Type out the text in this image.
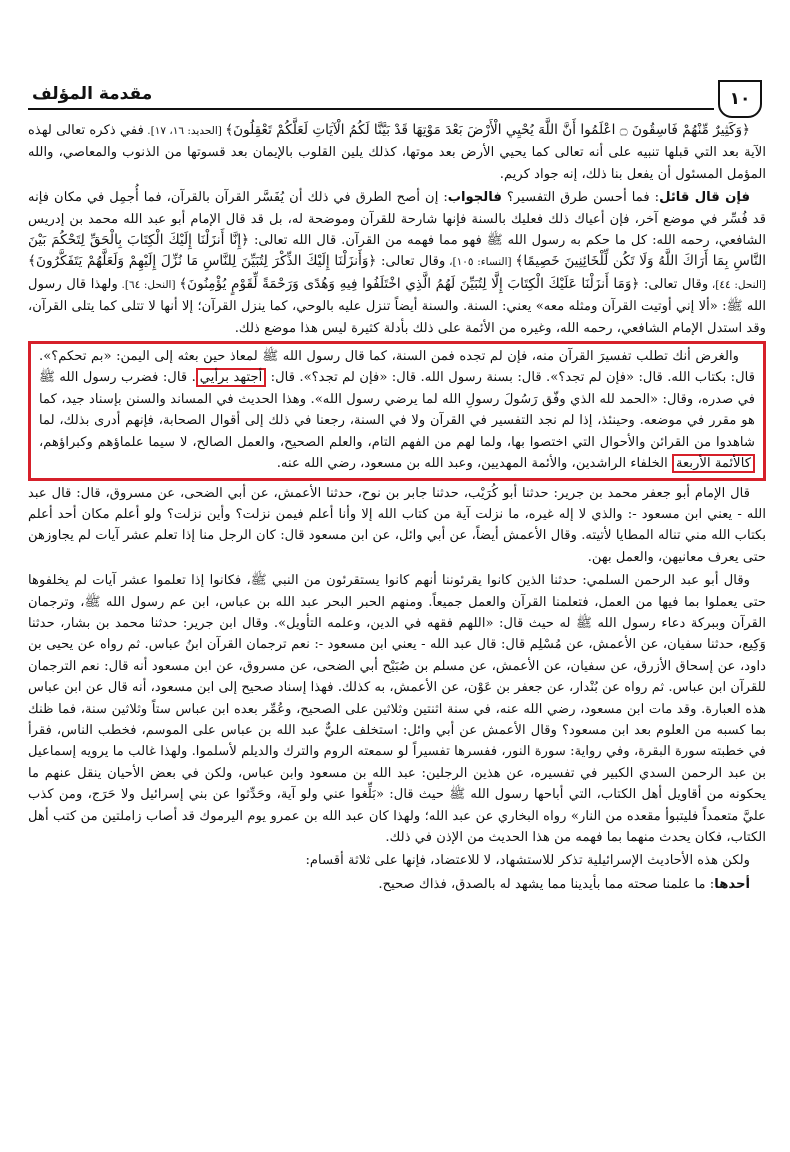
مقدمة المؤلف	١٠

﴿وَكَثِيرٌ مِّنْهُمْ فَاسِقُونَ ۝ اعْلَمُوا أَنَّ اللَّهَ يُحْيِي الْأَرْضَ بَعْدَ مَوْتِهَا قَدْ بَيَّنَّا لَكُمُ الْآيَاتِ لَعَلَّكُمْ تَعْقِلُونَ﴾ [الحديد: ١٦، ١٧]. ففي ذكره تعالى لهذه الآية بعد التي قبلها تنبيه على أنه تعالى كما يحيي الأرض بعد موتها، كذلك يلين القلوب بالإيمان بعد قسوتها من الذنوب والمعاصي، والله المؤمل المسئول أن يفعل بنا ذلك، إنه جواد كريم.

فإن قال قائل: فما أحسن طرق التفسير؟ فالجواب: إن أصح الطرق في ذلك أن يُفَسَّر القرآن بالقرآن، فما أُجمِل في مكان فإنه قد فُسِّر في موضع آخر، فإن أعياك ذلك فعليك بالسنة فإنها شارحة للقرآن وموضحة له، بل قد قال الإمام أبو عبد الله محمد بن إدريس الشافعي، رحمه الله: كل ما حكم به رسول الله ﷺ فهو مما فهمه من القرآن. قال الله تعالى: ﴿إِنَّا أَنزَلْنَا إِلَيْكَ الْكِتَابَ بِالْحَقِّ لِتَحْكُمَ بَيْنَ النَّاسِ بِمَا أَرَاكَ اللَّهُ وَلَا تَكُن لِّلْخَائِنِينَ خَصِيمًا﴾ [النساء: ١٠٥]، وقال تعالى: ﴿وَأَنزَلْنَا إِلَيْكَ الذِّكْرَ لِتُبَيِّنَ لِلنَّاسِ مَا نُزِّلَ إِلَيْهِمْ وَلَعَلَّهُمْ يَتَفَكَّرُونَ﴾ [النحل: ٤٤]، وقال تعالى: ﴿وَمَا أَنزَلْنَا عَلَيْكَ الْكِتَابَ إِلَّا لِتُبَيِّنَ لَهُمُ الَّذِي اخْتَلَفُوا فِيهِ وَهُدًى وَرَحْمَةً لِّقَوْمٍ يُؤْمِنُونَ﴾ [النحل: ٦٤]. ولهذا قال رسول الله ﷺ: «ألا إني أوتيت القرآن ومثله معه» يعني: السنة. والسنة أيضاً تنزل عليه بالوحي، كما ينزل القرآن؛ إلا أنها لا تتلى كما يتلى القرآن، وقد استدل الإمام الشافعي، رحمه الله، وغيره من الأئمة على ذلك بأدلة كثيرة ليس هذا موضع ذلك.

والغرض أنك تطلب تفسيرَ القرآن منه، فإن لم تجده فمن السنة، كما قال رسول الله ﷺ لمعاذ حين بعثه إلى اليمن: «بم تحكم؟». قال: بكتاب الله. قال: «فإن لم تجد؟». قال: بسنة رسول الله. قال: «فإن لم تجد؟». قال: أجتهد برأيي. قال: فضرب رسول الله ﷺ في صدره، وقال: «الحمد لله الذي وفّق رَسُولَ رسولِ الله لما يرضي رسول الله». وهذا الحديث في المساند والسنن بإسناد جيد، كما هو مقرر في موضعه. وحينئذ، إذا لم نجد التفسير في القرآن ولا في السنة، رجعنا في ذلك إلى أقوال الصحابة، فإنهم أدرى بذلك، لما شاهدوا من القرائن والأحوال التي اختصوا بها، ولما لهم من الفهم التام، والعلم الصحيح، والعمل الصالح، لا سيما علماؤهم وكبراؤهم، كالأئمة الأربعة الخلفاء الراشدين، والأئمة المهديين، وعبد الله بن مسعود، رضي الله عنه.

قال الإمام أبو جعفر محمد بن جرير: حدثنا أبو كُرَيْب، حدثنا جابر بن نوح، حدثنا الأعمش، عن أبي الضحى، عن مسروق، قال: قال عبد الله - يعني ابن مسعود -: والذي لا إله غيره، ما نزلت آية من كتاب الله إلا وأنا أعلم فيمن نزلت؟ وأين نزلت؟ ولو أعلم مكان أحد أعلم بكتاب الله مني تناله المطايا لأتيته. وقال الأعمش أيضاً، عن أبي وائل، عن ابن مسعود قال: كان الرجل منا إذا تعلم عشر آيات لم يجاوزهن حتى يعرف معانيهن، والعمل بهن.

وقال أبو عبد الرحمن السلمي: حدثنا الذين كانوا يقرئوننا أنهم كانوا يستقرئون من النبي ﷺ، فكانوا إذا تعلموا عشر آيات لم يخلفوها حتى يعملوا بما فيها من العمل، فتعلمنا القرآن والعمل جميعاً. ومنهم الحبر البحر عبد الله بن عباس، ابن عم رسول الله ﷺ، وترجمان القرآن وببركة دعاء رسول الله ﷺ له حيث قال: «اللهم فقهه في الدين، وعلمه التأويل». وقال ابن جرير: حدثنا محمد بن بشار، حدثنا وَكِيع، حدثنا سفيان، عن الأعمش، عن مُسْلِم قال: قال عبد الله - يعني ابن مسعود -: نعم ترجمان القرآن ابنُ عباس. ثم رواه عن يحيى بن داود، عن إسحاق الأزرق، عن سفيان، عن الأعمش، عن مسلم بن صُبَيْح أبي الضحى، عن مسروق، عن ابن مسعود أنه قال: نعم الترجمان للقرآن ابن عباس. ثم رواه عن بُنْدار، عن جعفر بن عَوْن، عن الأعمش، به كذلك. فهذا إسناد صحيح إلى ابن مسعود، أنه قال عن ابن عباس هذه العبارة. وقد مات ابن مسعود، رضي الله عنه، في سنة اثنتين وثلاثين على الصحيح، وعُمِّر بعده ابن عباس ستاً وثلاثين سنة، فما ظنك بما كسبه من العلوم بعد ابن مسعود؟ وقال الأعمش عن أبي وائل: استخلف عليٌّ عبد الله بن عباس على الموسم، فخطب الناس، فقرأ في خطبته سورة البقرة، وفي رواية: سورة النور، ففسرها تفسيراً لو سمعته الروم والترك والديلم لأسلموا. ولهذا غالب ما يرويه إسماعيل بن عبد الرحمن السدي الكبير في تفسيره، عن هذين الرجلين: عبد الله بن مسعود وابن عباس، ولكن في بعض الأحيان ينقل عنهم ما يحكونه من أقاويل أهل الكتاب، التي أباحها رسول الله ﷺ حيث قال: «بَلِّغوا عني ولو آية، وحَدِّثوا عن بني إسرائيل ولا حَرَج، ومن كذب عليَّ متعمداً فليتبوأ مقعده من النار» رواه البخاري عن عبد الله؛ ولهذا كان عبد الله بن عمرو يوم اليرموك قد أصاب زاملتين من كتب أهل الكتاب، فكان يحدث منهما بما فهمه من هذا الحديث من الإذن في ذلك.

ولكن هذه الأحاديث الإسرائيلية تذكر للاستشهاد، لا للاعتضاد، فإنها على ثلاثة أقسام:

أحدها: ما علمنا صحته مما بأيدينا مما يشهد له بالصدق، فذاك صحيح.
